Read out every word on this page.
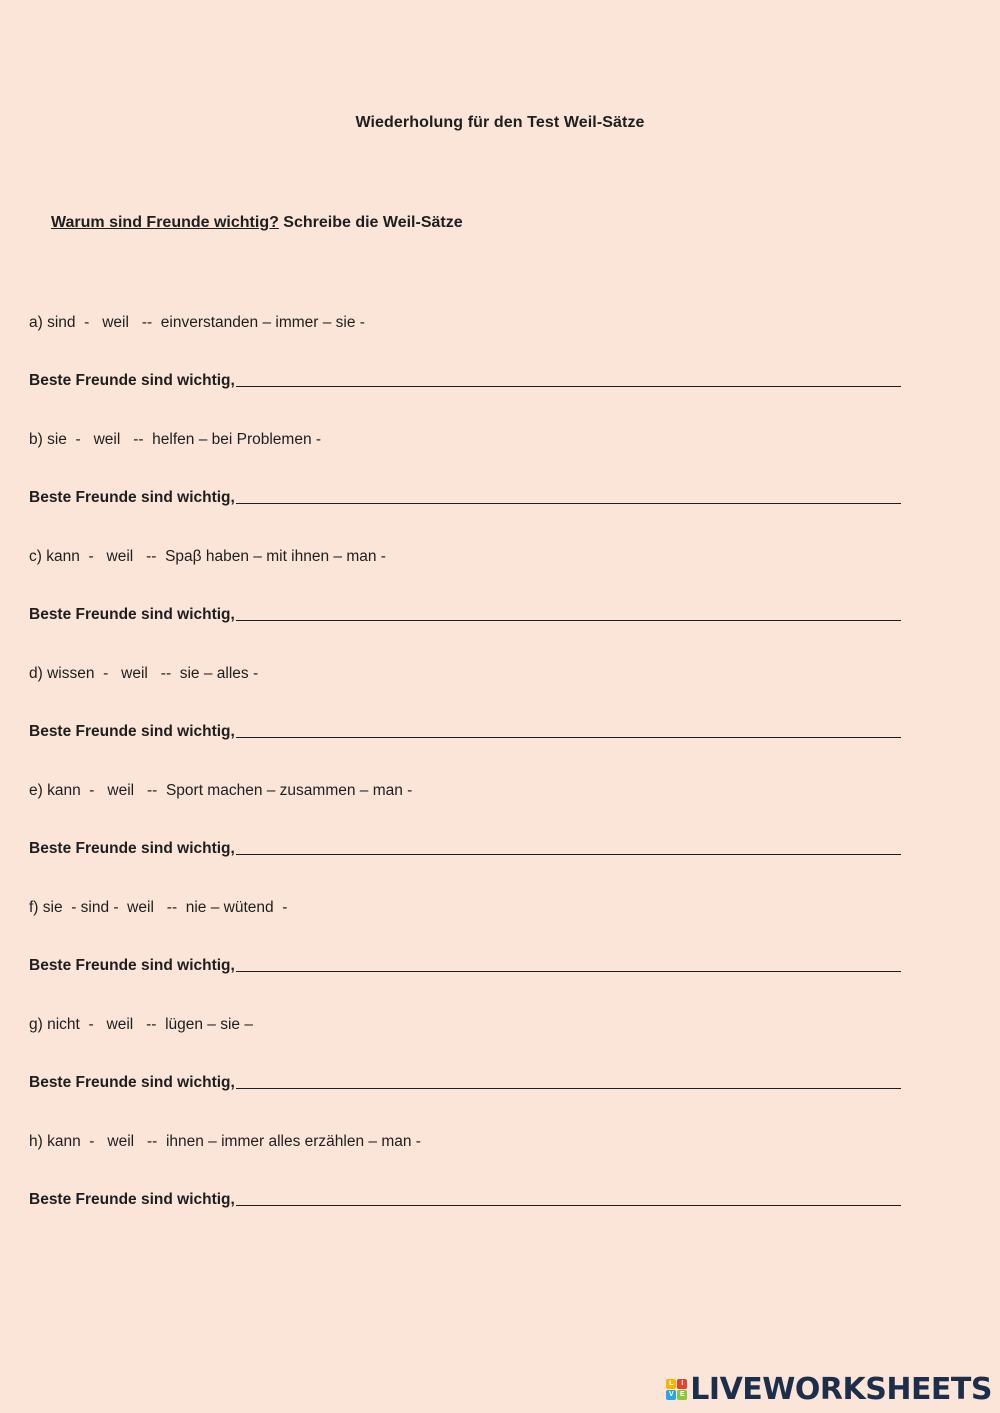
Wiederholung für den Test Weil-Sätze
Warum sind Freunde wichtig? Schreibe die Weil-Sätze
a) sind  -   weil   --  einverstanden – immer – sie -
Beste Freunde sind wichtig,
b) sie  -   weil   --  helfen – bei Problemen -
Beste Freunde sind wichtig,
c) kann  -   weil   --  Spaβ haben – mit ihnen – man -
Beste Freunde sind wichtig,
d) wissen  -   weil   --  sie – alles -
Beste Freunde sind wichtig,
e) kann  -   weil   --  Sport machen – zusammen – man -
Beste Freunde sind wichtig,
f) sie  - sind -  weil   --  nie – wütend  -
Beste Freunde sind wichtig,
g) nicht  -   weil   --  lügen – sie –
Beste Freunde sind wichtig,
h) kann  -   weil   --  ihnen – immer alles erzählen – man -
Beste Freunde sind wichtig,
L	I
V E LIVEWORKSHEETS
